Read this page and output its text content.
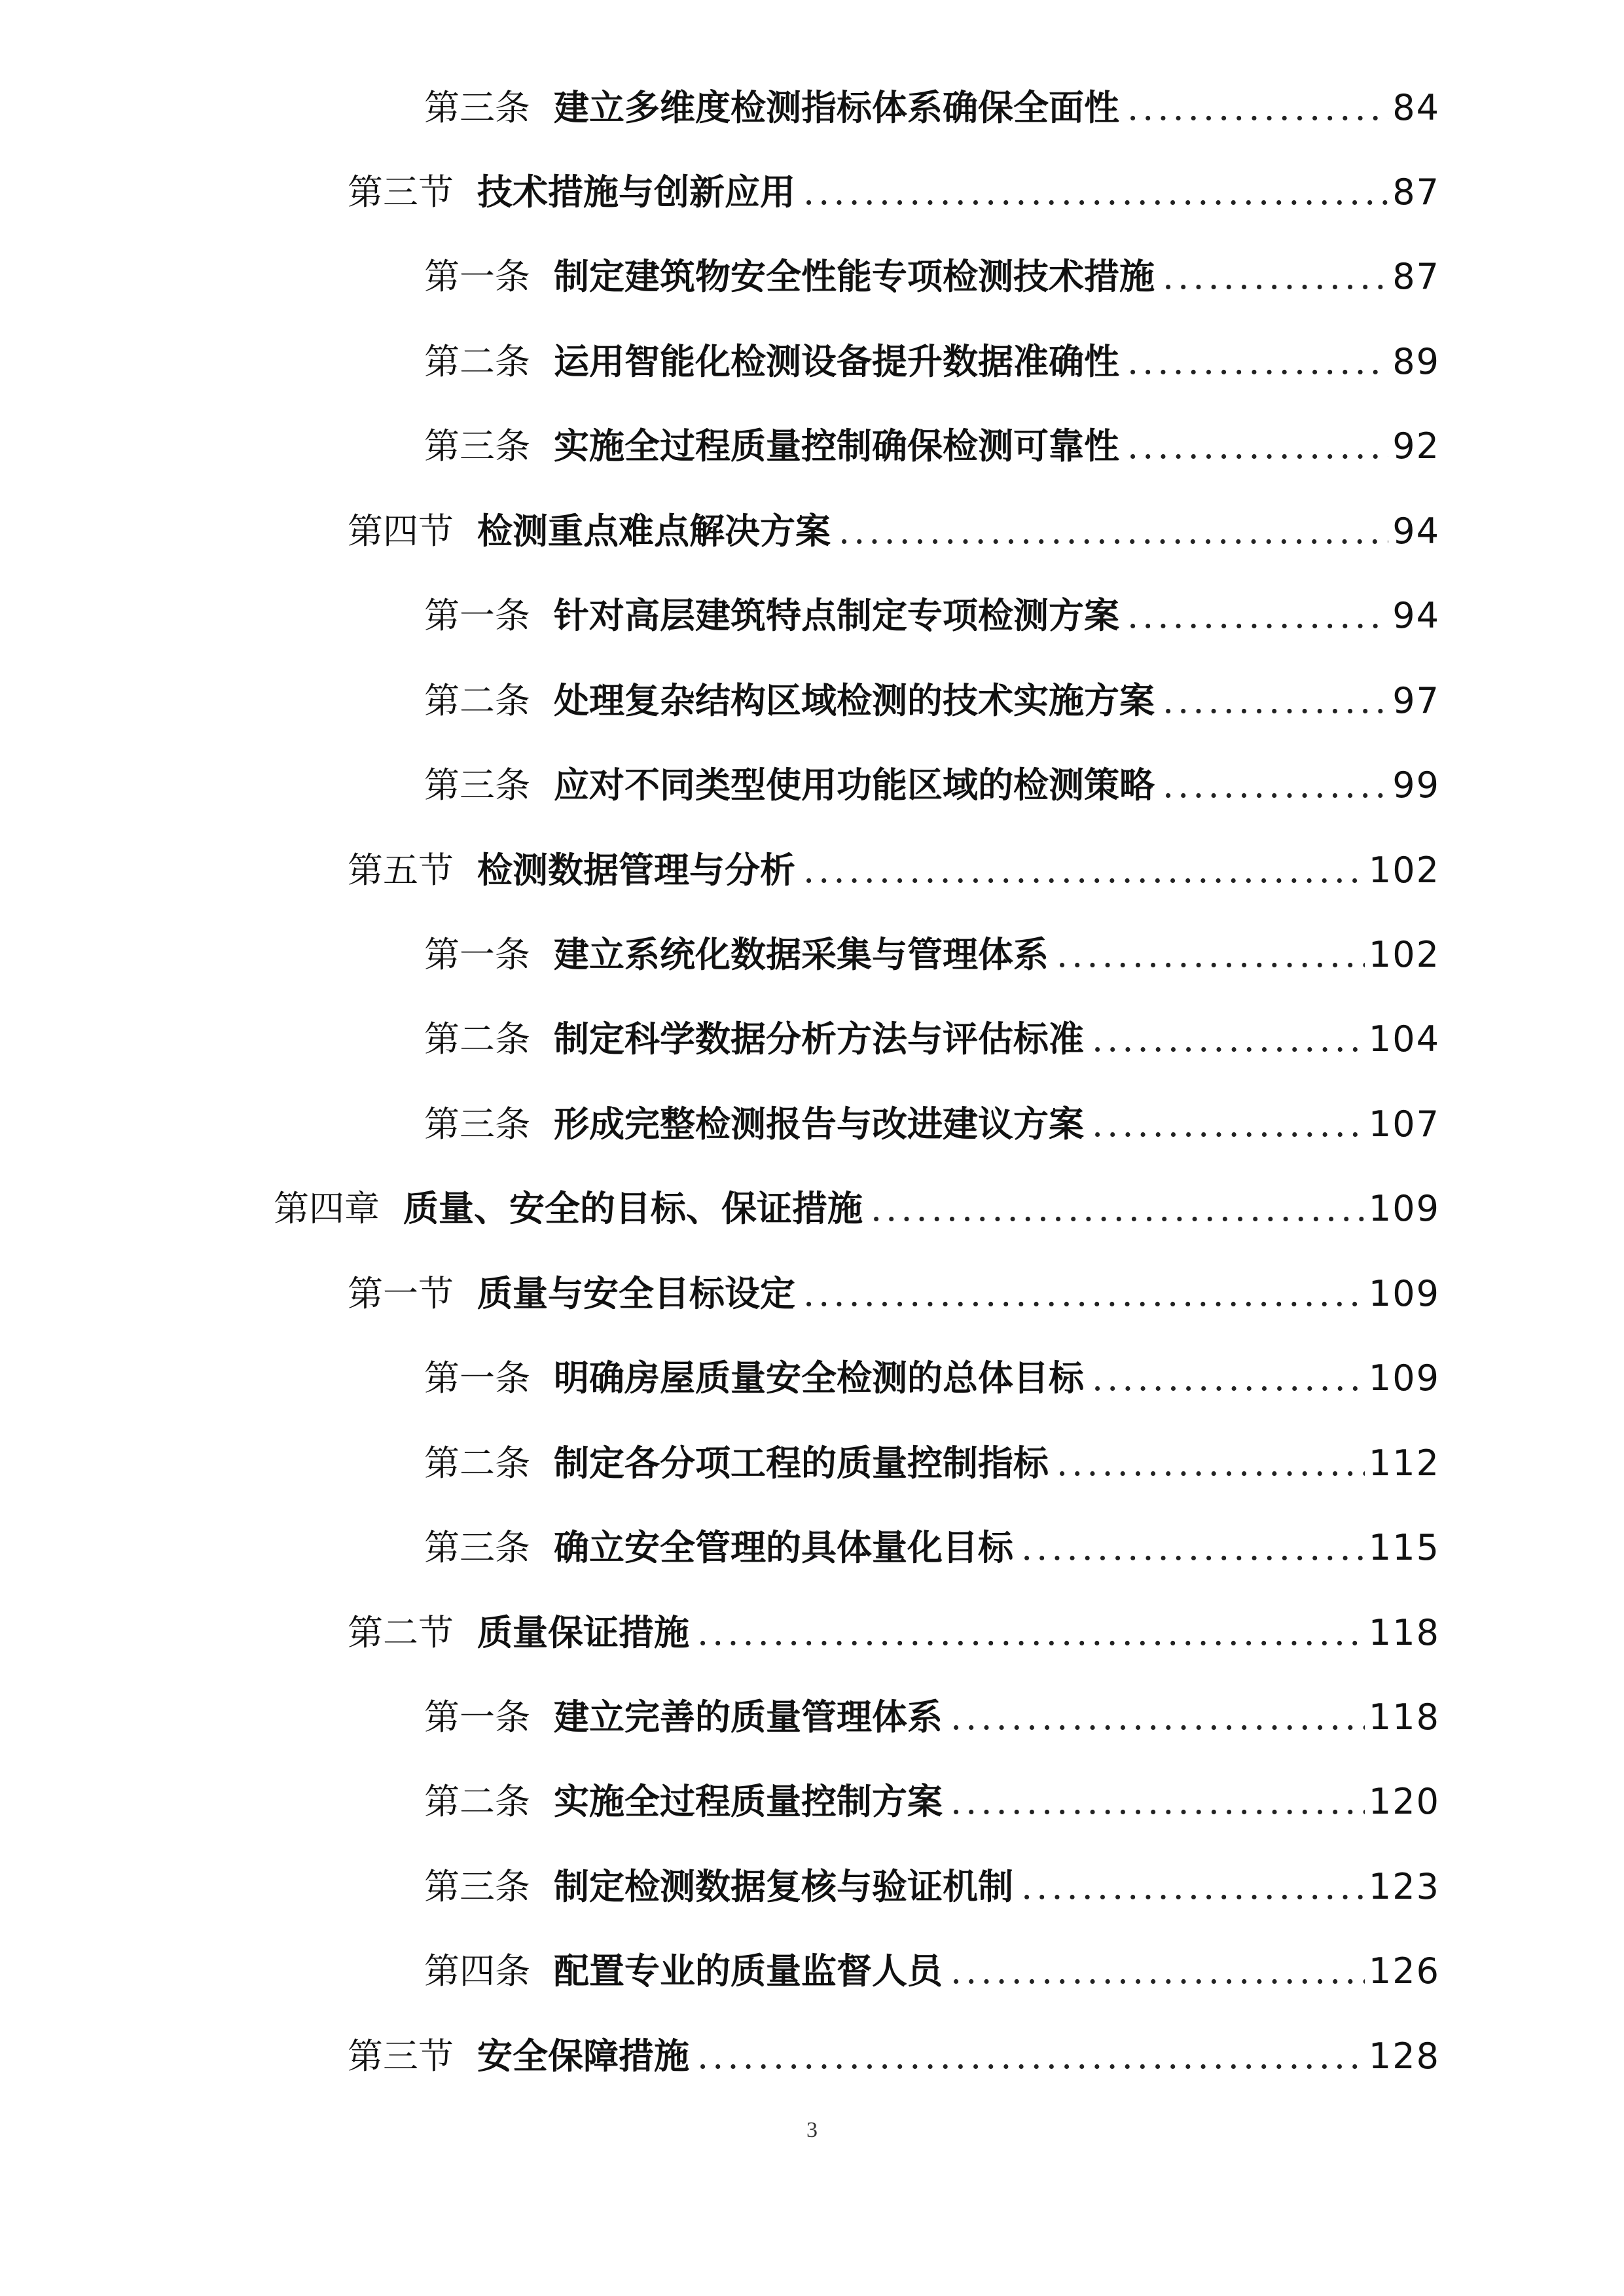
第三条 建立多维度检测指标体系确保全面性 .....	84
第三节 技术措施与创新应用 .....	87
第一条 制定建筑物安全性能专项检测技术措施 .....	87
第二条 运用智能化检测设备提升数据准确性 .....	89
第三条 实施全过程质量控制确保检测可靠性 .....	92
第四节 检测重点难点解决方案 .....	94
第一条 针对高层建筑特点制定专项检测方案 .....	94
第二条 处理复杂结构区域检测的技术实施方案 .....	97
第三条 应对不同类型使用功能区域的检测策略 .....	99
第五节 检测数据管理与分析 .....	102
第一条 建立系统化数据采集与管理体系 .....	102
第二条 制定科学数据分析方法与评估标准 .....	104
第三条 形成完整检测报告与改进建议方案 .....	107
第四章 质量、安全的目标、保证措施 .....	109
第一节 质量与安全目标设定 .....	109
第一条 明确房屋质量安全检测的总体目标 .....	109
第二条 制定各分项工程的质量控制指标 .....	112
第三条 确立安全管理的具体量化目标 .....	115
第二节 质量保证措施 .....	118
第一条 建立完善的质量管理体系 .....	118
第二条 实施全过程质量控制方案 .....	120
第三条 制定检测数据复核与验证机制 .....	123
第四条 配置专业的质量监督人员 .....	126
第三节 安全保障措施 .....	128
3
